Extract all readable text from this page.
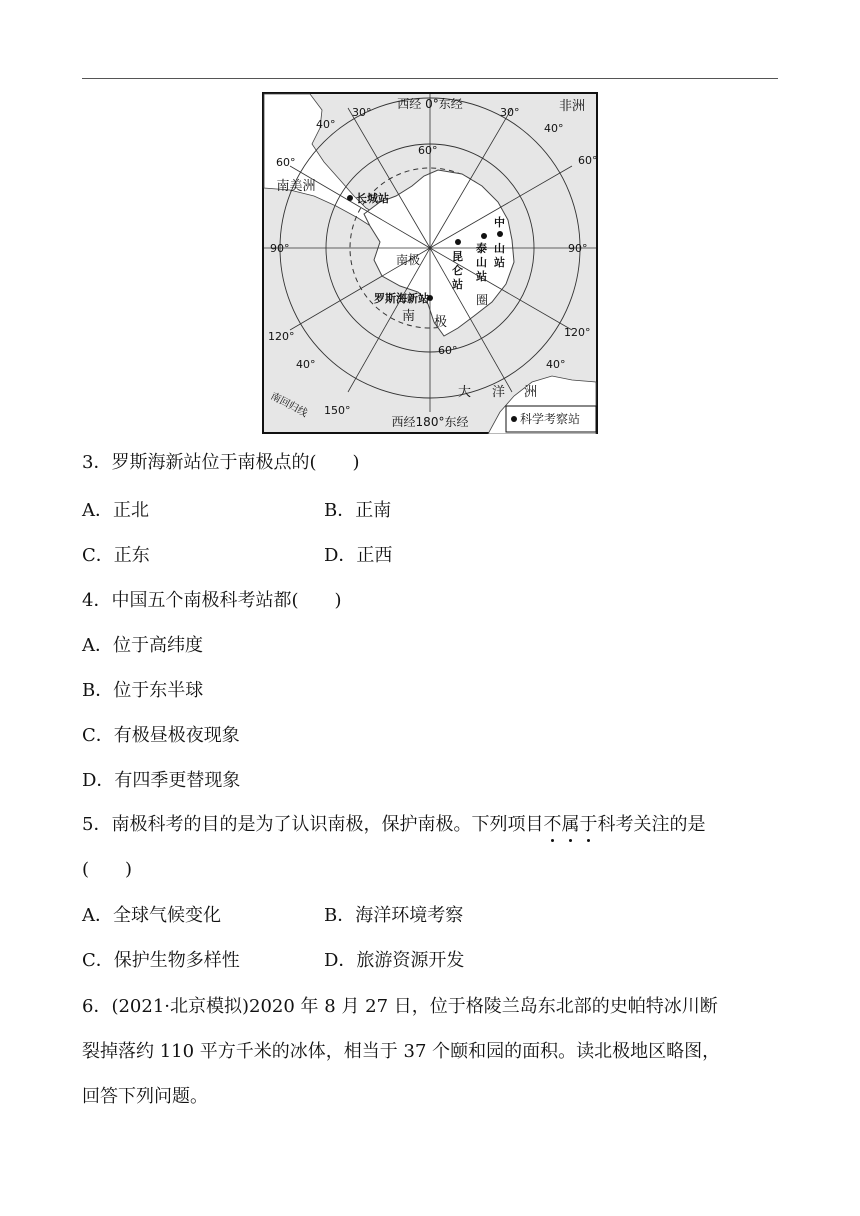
西经 0°东经	非洲
南美洲
40°
30°	30°
40°
60°	60°
60°
90°	90°
120°	120°
40°	40°
60°
150°
南极
南 极
圈
大 洋 洲
南回归线
西经180°东经
长城站
昆仑站
泰山站
中
山站
罗斯海新站
科学考察站
3．罗斯海新站位于南极点的(　　)
A．正北	B．正南
C．正东	D．正西
4．中国五个南极科考站都(　　)
A．位于高纬度
B．位于东半球
C．有极昼极夜现象
D．有四季更替现象
5．南极科考的目的是为了认识南极，保护南极。下列项目不属于科考关注的是
(　　)
A．全球气候变化	B．海洋环境考察
C．保护生物多样性	D．旅游资源开发
6．(2021·北京模拟)2020 年 8 月 27 日，位于格陵兰岛东北部的史帕特冰川断
裂掉落约 110 平方千米的冰体，相当于 37 个颐和园的面积。读北极地区略图，
回答下列问题。
